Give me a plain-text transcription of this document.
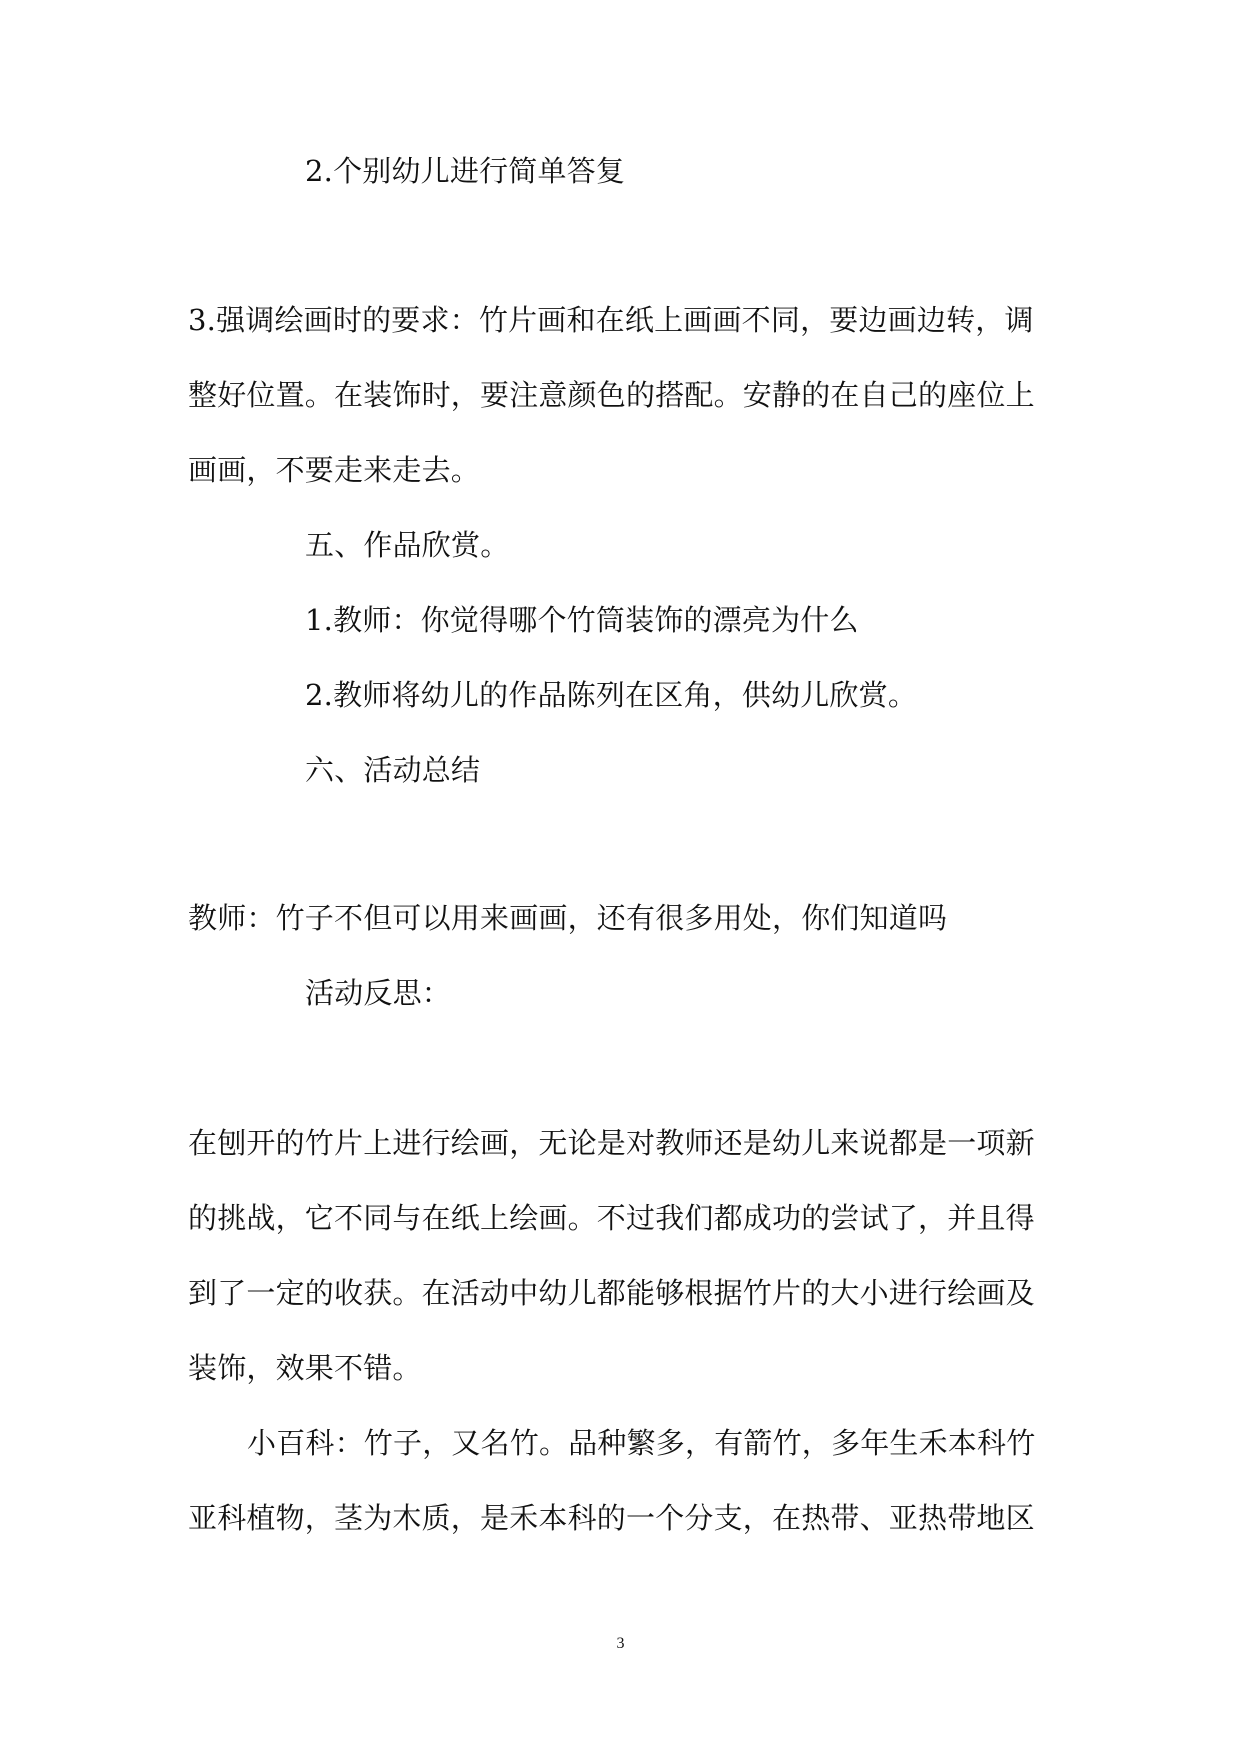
2.个别幼儿进行简单答复
3.强调绘画时的要求：竹片画和在纸上画画不同，要边画边转，调
整好位置。在装饰时，要注意颜色的搭配。安静的在自己的座位上
画画，不要走来走去。
五、作品欣赏。
1.教师：你觉得哪个竹筒装饰的漂亮为什么
2.教师将幼儿的作品陈列在区角，供幼儿欣赏。
六、活动总结
教师：竹子不但可以用来画画，还有很多用处，你们知道吗
活动反思：
在刨开的竹片上进行绘画，无论是对教师还是幼儿来说都是一项新
的挑战，它不同与在纸上绘画。不过我们都成功的尝试了，并且得
到了一定的收获。在活动中幼儿都能够根据竹片的大小进行绘画及
装饰，效果不错。
小百科：竹子，又名竹。品种繁多，有箭竹，多年生禾本科竹
亚科植物，茎为木质，是禾本科的一个分支，在热带、亚热带地区
3
